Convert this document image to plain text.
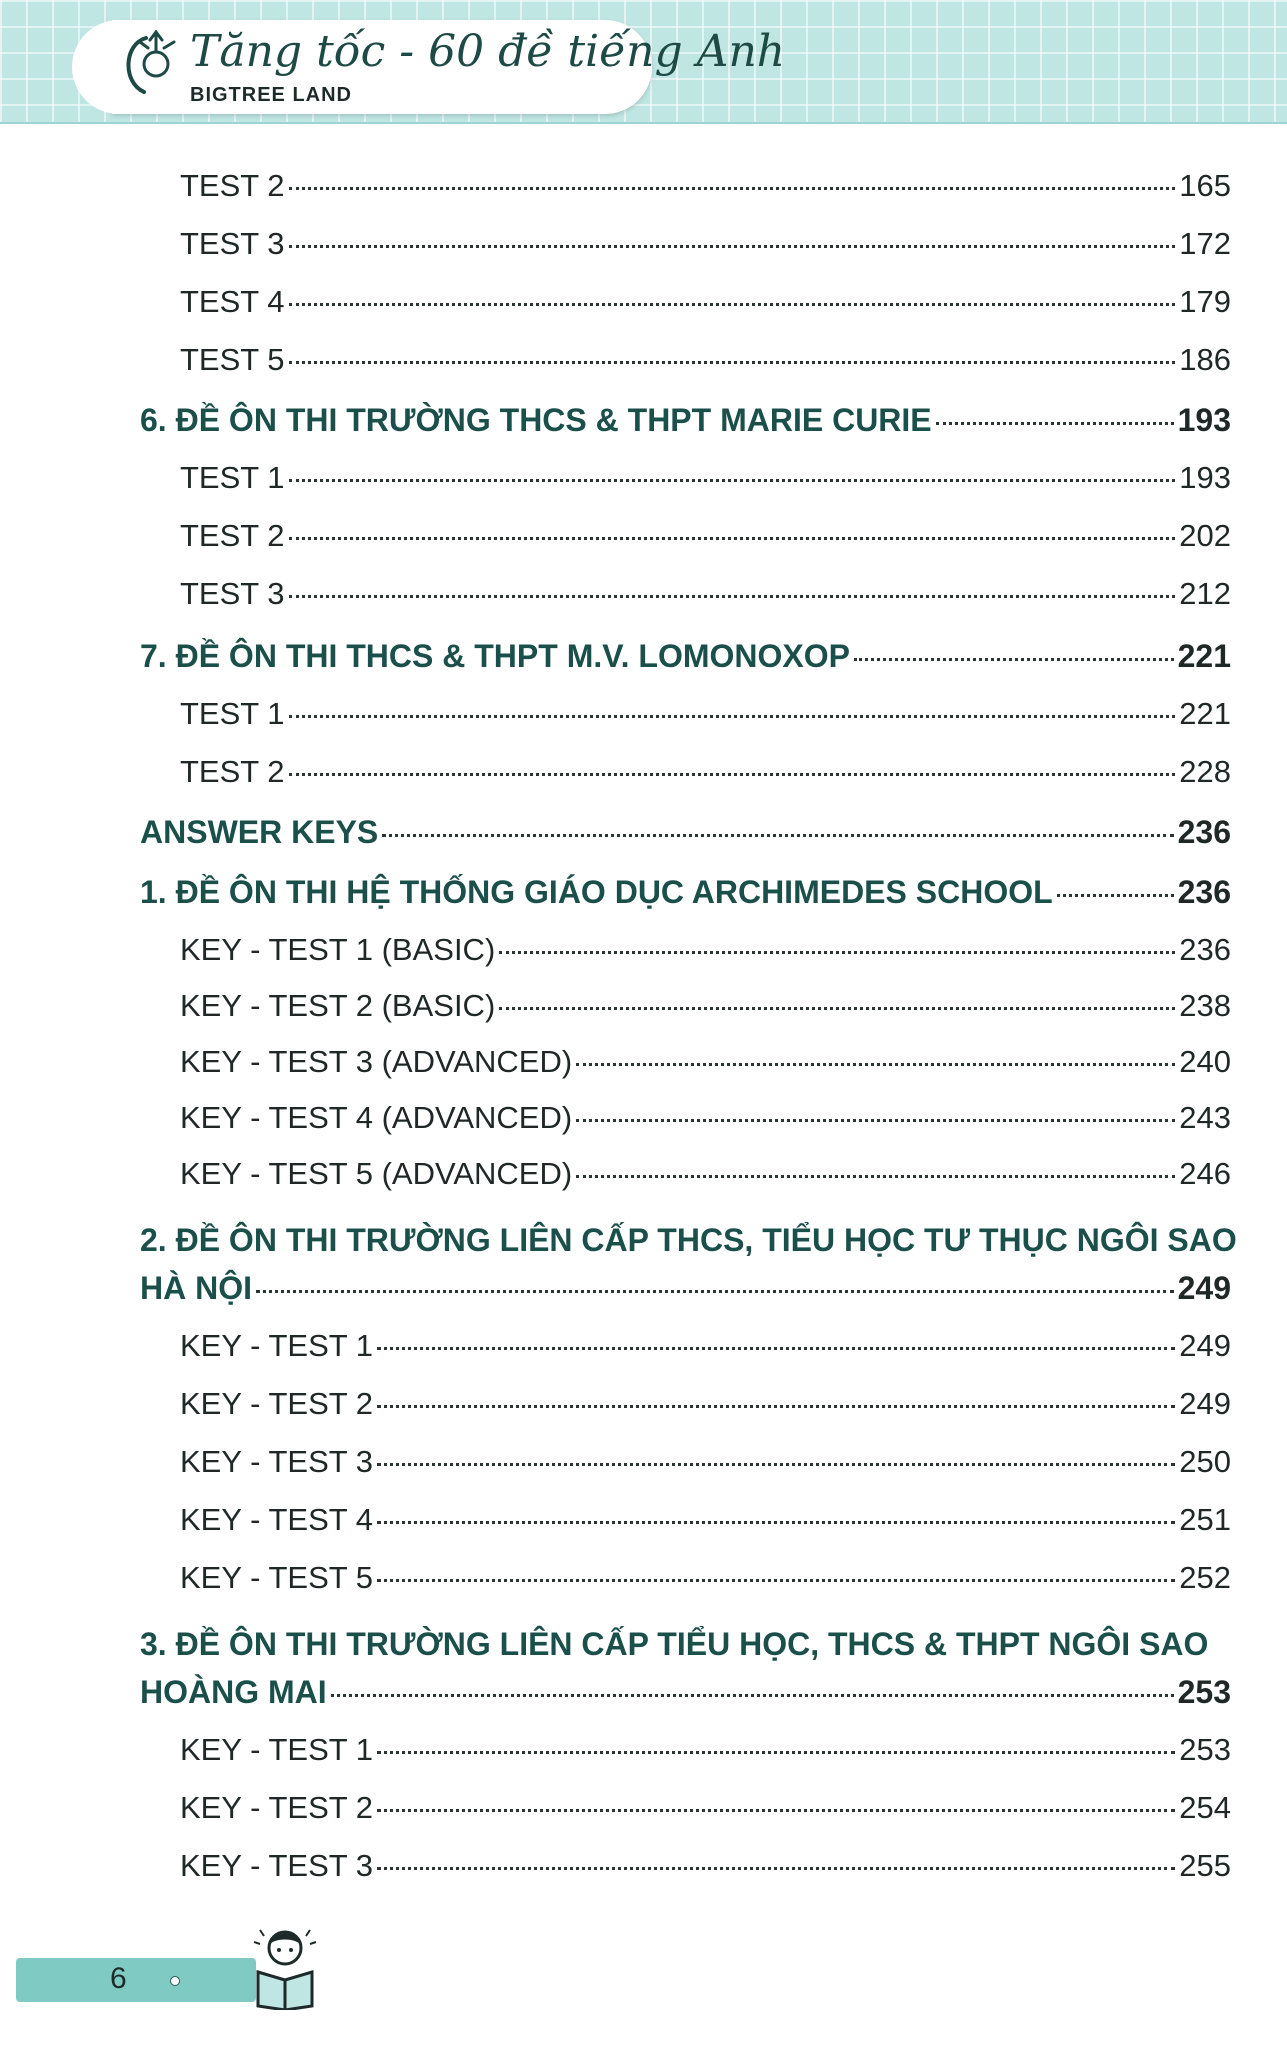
Tăng tốc - 60 đề tiếng Anh
BIGTREE LAND
TEST 2	165
TEST 3	172
TEST 4	179
TEST 5	186
6. ĐỀ ÔN THI TRƯỜNG THCS & THPT MARIE CURIE	193
TEST 1	193
TEST 2	202
TEST 3	212
7. ĐỀ ÔN THI THCS & THPT M.V. LOMONOXOP	221
TEST 1	221
TEST 2	228
ANSWER KEYS	236
1. ĐỀ ÔN THI HỆ THỐNG GIÁO DỤC ARCHIMEDES SCHOOL	236
KEY - TEST 1 (BASIC)	236
KEY - TEST 2 (BASIC)	238
KEY - TEST 3 (ADVANCED)	240
KEY - TEST 4 (ADVANCED)	243
KEY - TEST 5 (ADVANCED)	246
2. ĐỀ ÔN THI TRƯỜNG LIÊN CẤP THCS, TIỂU HỌC TƯ THỤC NGÔI SAO
HÀ NỘI	249
KEY - TEST 1	249
KEY - TEST 2	249
KEY - TEST 3	250
KEY - TEST 4	251
KEY - TEST 5	252
3. ĐỀ ÔN THI TRƯỜNG LIÊN CẤP TIỂU HỌC, THCS & THPT NGÔI SAO
HOÀNG MAI	253
KEY - TEST 1	253
KEY - TEST 2	254
KEY - TEST 3	255
6
